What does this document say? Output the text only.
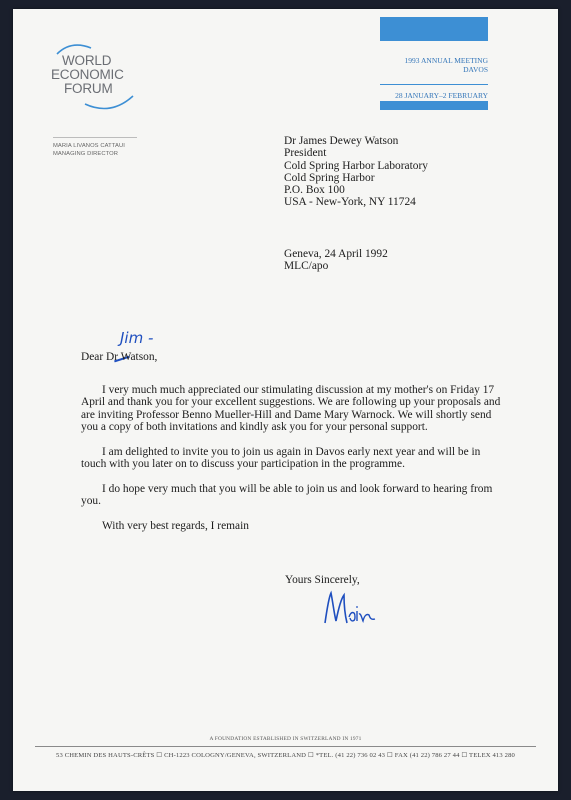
WORLD
ECONOMIC
FORUM
MARIA LIVANOS CATTAUI
MANAGING DIRECTOR
1993 ANNUAL MEETING
DAVOS
28 JANUARY–2 FEBRUARY
Dr James Dewey Watson
President
Cold Spring Harbor Laboratory
Cold Spring Harbor
P.O. Box 100
USA - New-York, NY 11724
Geneva, 24 April 1992
MLC/apo
Jim -
Dear Dr Watson,

I very much much appreciated our stimulating discussion at my mother's on Friday 17 April and thank you for your excellent suggestions. We are following up your proposals and are inviting Professor Benno Mueller-Hill and Dame Mary Warnock. We will shortly send you a copy of both invitations and kindly ask you for your personal support.

I am delighted to invite you to join us again in Davos early next year and will be in touch with you later on to discuss your participation in the programme.

I do hope very much that you will be able to join us and look forward to hearing from you.

With very best regards, I remain

Yours Sincerely,
A FOUNDATION ESTABLISHED IN SWITZERLAND IN 1971
53 CHEMIN DES HAUTS-CRÊTS ☐ CH-1223 COLOGNY/GENEVA, SWITZERLAND ☐ *TEL. (41 22) 736 02 43 ☐ FAX (41 22) 786 27 44 ☐ TELEX 413 280
